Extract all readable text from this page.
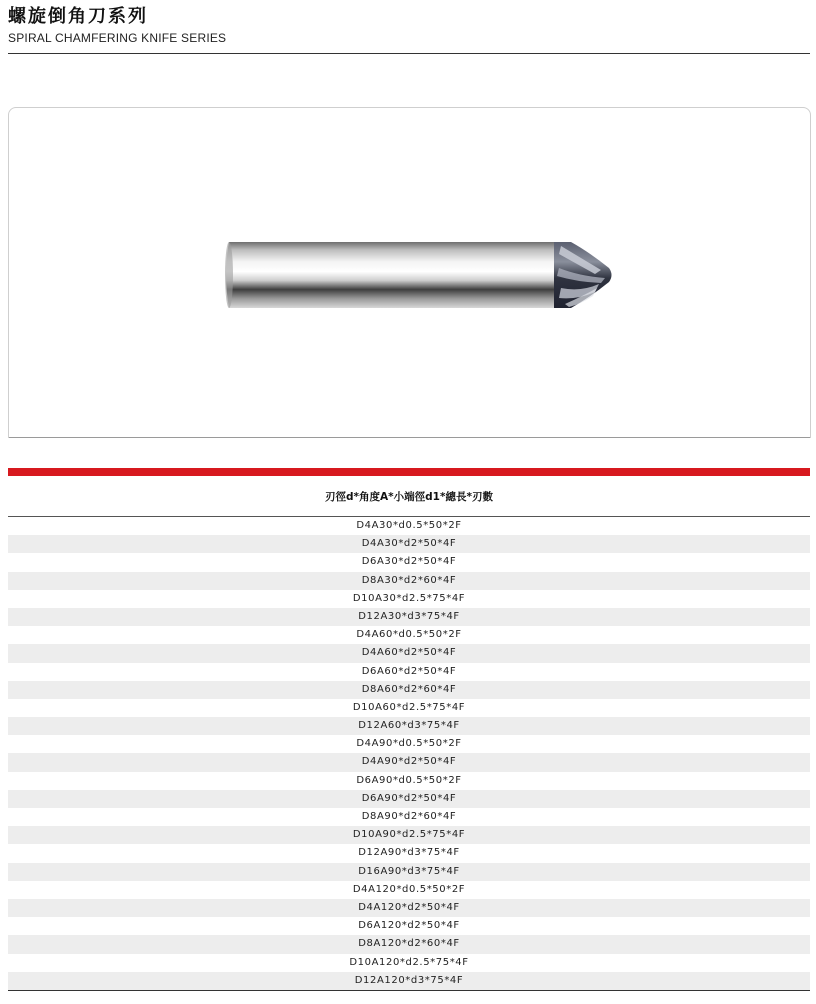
螺旋倒角刀系列
SPIRAL CHAMFERING KNIFE SERIES
刃徑d*角度A*小端徑d1*總長*刃數
D4A30*d0.5*50*2F
D4A30*d2*50*4F
D6A30*d2*50*4F
D8A30*d2*60*4F
D10A30*d2.5*75*4F
D12A30*d3*75*4F
D4A60*d0.5*50*2F
D4A60*d2*50*4F
D6A60*d2*50*4F
D8A60*d2*60*4F
D10A60*d2.5*75*4F
D12A60*d3*75*4F
D4A90*d0.5*50*2F
D4A90*d2*50*4F
D6A90*d0.5*50*2F
D6A90*d2*50*4F
D8A90*d2*60*4F
D10A90*d2.5*75*4F
D12A90*d3*75*4F
D16A90*d3*75*4F
D4A120*d0.5*50*2F
D4A120*d2*50*4F
D6A120*d2*50*4F
D8A120*d2*60*4F
D10A120*d2.5*75*4F
D12A120*d3*75*4F
